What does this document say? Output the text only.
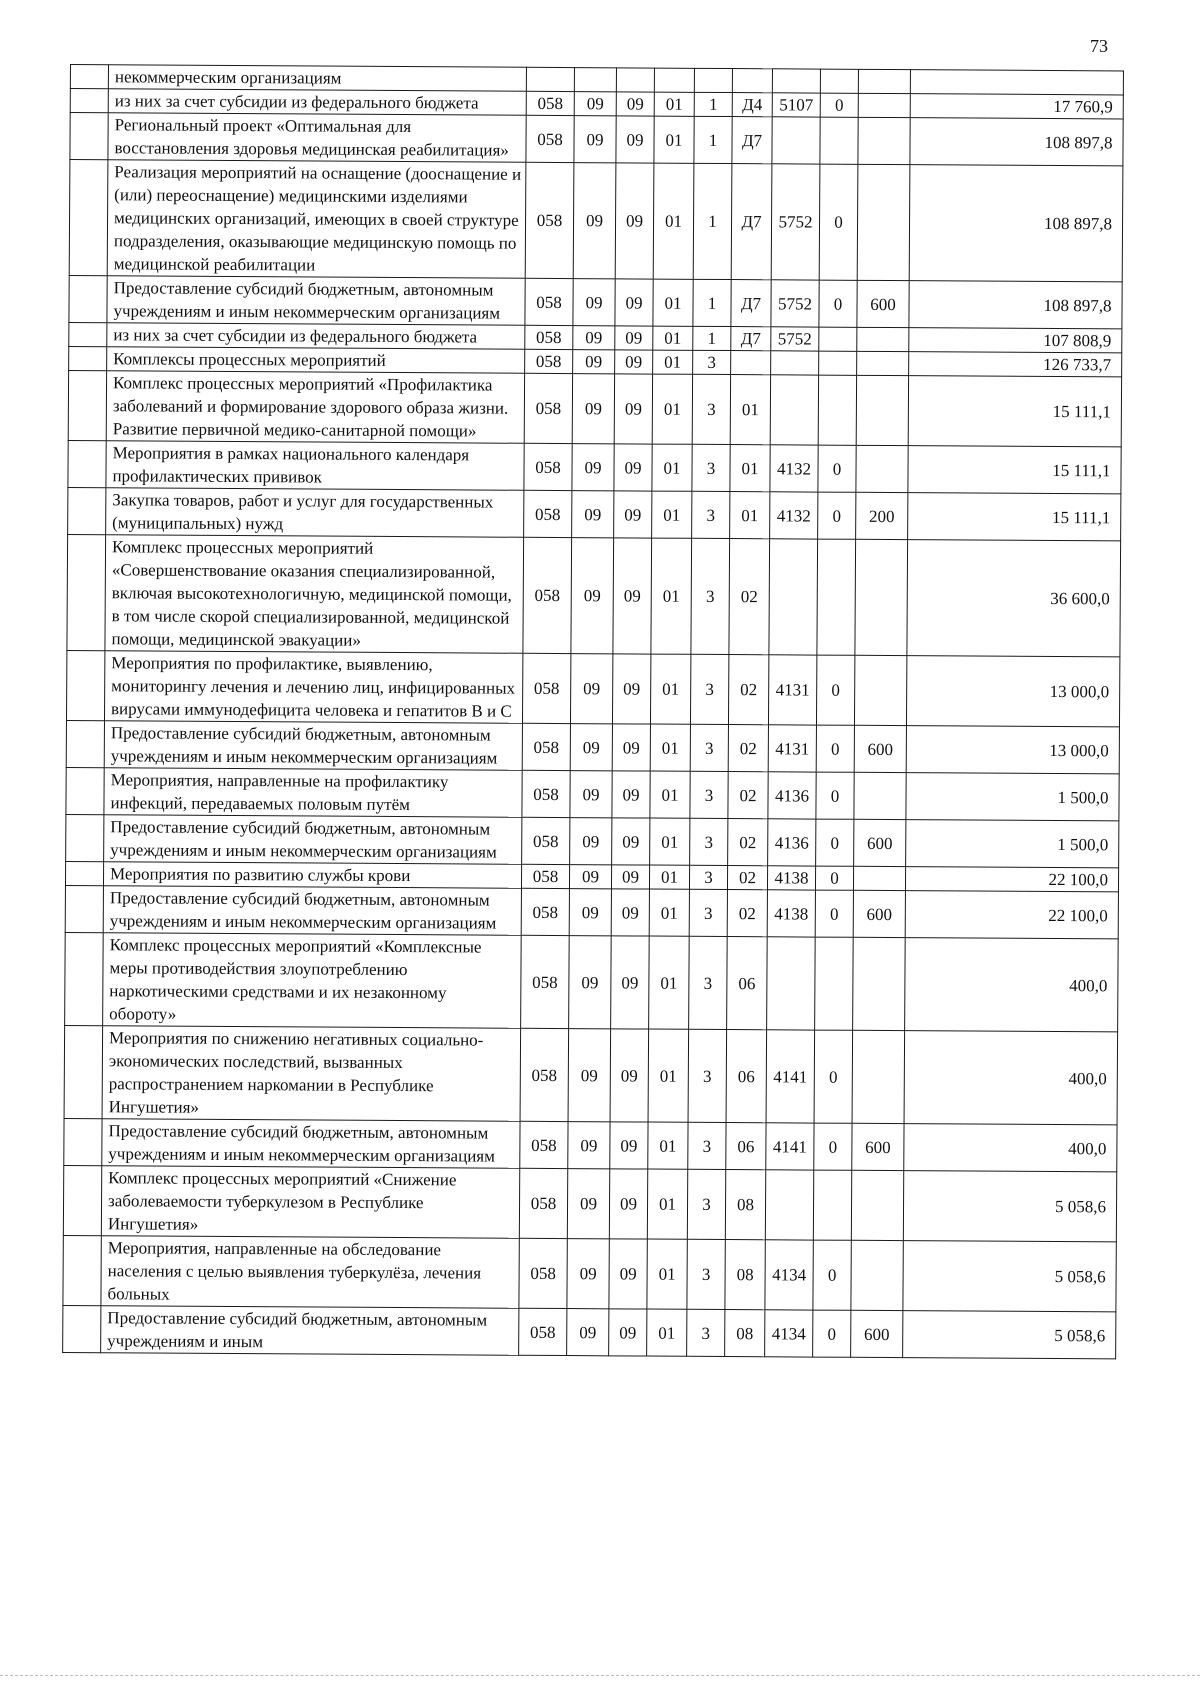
73
	некоммерческим организациям										
	из них за счет субсидии из федерального бюджета	058	09	09	01	1	Д4	5107	0		17 760,9
	Региональный проект «Оптимальная для восстановления здоровья медицинская реабилитация»	058	09	09	01	1	Д7				108 897,8
	Реализация мероприятий на оснащение (дооснащение и (или) переоснащение) медицинскими изделиями медицинских организаций, имеющих в своей структуре подразделения, оказывающие медицинскую помощь по медицинской реабилитации	058	09	09	01	1	Д7	5752	0		108 897,8
	Предоставление субсидий бюджетным, автономным учреждениям и иным некоммерческим организациям	058	09	09	01	1	Д7	5752	0	600	108 897,8
	из них за счет субсидии из федерального бюджета	058	09	09	01	1	Д7	5752			107 808,9
	Комплексы процессных мероприятий	058	09	09	01	3					126 733,7
	Комплекс процессных мероприятий «Профилактика заболеваний и формирование здорового образа жизни. Развитие первичной медико-санитарной помощи»	058	09	09	01	3	01				15 111,1
	Мероприятия в рамках национального календаря профилактических прививок	058	09	09	01	3	01	4132	0		15 111,1
	Закупка товаров, работ и услуг для государственных (муниципальных) нужд	058	09	09	01	3	01	4132	0	200	15 111,1
	Комплекс процессных мероприятий «Совершенствование оказания специализированной, включая высокотехнологичную, медицинской помощи, в том числе скорой специализированной, медицинской помощи, медицинской эвакуации»	058	09	09	01	3	02				36 600,0
	Мероприятия по профилактике, выявлению, мониторингу лечения и лечению лиц, инфицированных вирусами иммунодефицита человека и гепатитов В и С	058	09	09	01	3	02	4131	0		13 000,0
	Предоставление субсидий бюджетным, автономным учреждениям и иным некоммерческим организациям	058	09	09	01	3	02	4131	0	600	13 000,0
	Мероприятия, направленные на профилактику инфекций, передаваемых половым путём	058	09	09	01	3	02	4136	0		1 500,0
	Предоставление субсидий бюджетным, автономным учреждениям и иным некоммерческим организациям	058	09	09	01	3	02	4136	0	600	1 500,0
	Мероприятия по развитию службы крови	058	09	09	01	3	02	4138	0		22 100,0
	Предоставление субсидий бюджетным, автономным учреждениям и иным некоммерческим организациям	058	09	09	01	3	02	4138	0	600	22 100,0
	Комплекс процессных мероприятий «Комплексные меры противодействия злоупотреблению наркотическими средствами и их незаконному обороту»	058	09	09	01	3	06				400,0
	Мероприятия по снижению негативных социально-экономических последствий, вызванных распространением наркомании в Республике Ингушетия»	058	09	09	01	3	06	4141	0		400,0
	Предоставление субсидий бюджетным, автономным учреждениям и иным некоммерческим организациям	058	09	09	01	3	06	4141	0	600	400,0
	Комплекс процессных мероприятий «Снижение заболеваемости туберкулезом в Республике Ингушетия»	058	09	09	01	3	08				5 058,6
	Мероприятия, направленные на обследование населения с целью выявления туберкулёза, лечения больных	058	09	09	01	3	08	4134	0		5 058,6
	Предоставление субсидий бюджетным, автономным учреждениям и иным	058	09	09	01	3	08	4134	0	600	5 058,6
